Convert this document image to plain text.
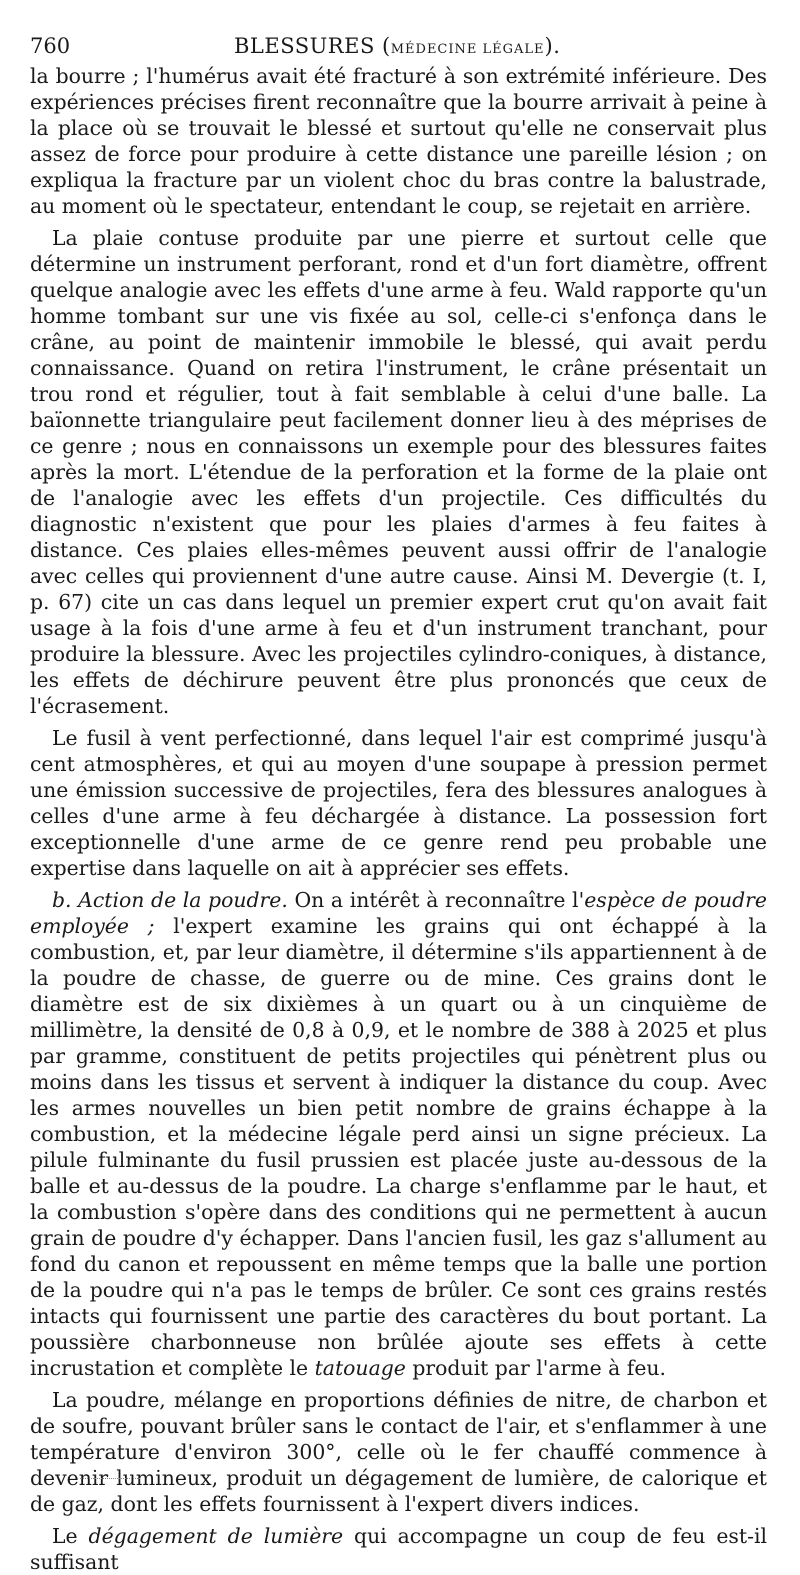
760	BLESSURES (MÉDECINE LÉGALE).

la bourre ; l'humérus avait été fracturé à son extrémité inférieure. Des expériences précises firent reconnaître que la bourre arrivait à peine à la place où se trouvait le blessé et surtout qu'elle ne conservait plus assez de force pour produire à cette distance une pareille lésion ; on expliqua la fracture par un violent choc du bras contre la balustrade, au moment où le spectateur, entendant le coup, se rejetait en arrière.

La plaie contuse produite par une pierre et surtout celle que détermine un instrument perforant, rond et d'un fort diamètre, offrent quelque analogie avec les effets d'une arme à feu. Wald rapporte qu'un homme tombant sur une vis fixée au sol, celle-ci s'enfonça dans le crâne, au point de maintenir immobile le blessé, qui avait perdu connaissance. Quand on retira l'instrument, le crâne présentait un trou rond et régulier, tout à fait semblable à celui d'une balle. La baïonnette triangulaire peut facilement donner lieu à des méprises de ce genre ; nous en connaissons un exemple pour des blessures faites après la mort. L'étendue de la perforation et la forme de la plaie ont de l'analogie avec les effets d'un projectile. Ces difficultés du diagnostic n'existent que pour les plaies d'armes à feu faites à distance. Ces plaies elles-mêmes peuvent aussi offrir de l'analogie avec celles qui proviennent d'une autre cause. Ainsi M. Devergie (t. I, p. 67) cite un cas dans lequel un premier expert crut qu'on avait fait usage à la fois d'une arme à feu et d'un instrument tranchant, pour produire la blessure. Avec les projectiles cylindro-coniques, à distance, les effets de déchirure peuvent être plus prononcés que ceux de l'écrasement.

Le fusil à vent perfectionné, dans lequel l'air est comprimé jusqu'à cent atmosphères, et qui au moyen d'une soupape à pression permet une émission successive de projectiles, fera des blessures analogues à celles d'une arme à feu déchargée à distance. La possession fort exceptionnelle d'une arme de ce genre rend peu probable une expertise dans laquelle on ait à apprécier ses effets.

b. Action de la poudre. On a intérêt à reconnaître l'espèce de poudre employée ; l'expert examine les grains qui ont échappé à la combustion, et, par leur diamètre, il détermine s'ils appartiennent à de la poudre de chasse, de guerre ou de mine. Ces grains dont le diamètre est de six dixièmes à un quart ou à un cinquième de millimètre, la densité de 0,8 à 0,9, et le nombre de 388 à 2025 et plus par gramme, constituent de petits projectiles qui pénètrent plus ou moins dans les tissus et servent à indiquer la distance du coup. Avec les armes nouvelles un bien petit nombre de grains échappe à la combustion, et la médecine légale perd ainsi un signe précieux. La pilule fulminante du fusil prussien est placée juste au-dessous de la balle et au-dessus de la poudre. La charge s'enflamme par le haut, et la combustion s'opère dans des conditions qui ne permettent à aucun grain de poudre d'y échapper. Dans l'ancien fusil, les gaz s'allument au fond du canon et repoussent en même temps que la balle une portion de la poudre qui n'a pas le temps de brûler. Ce sont ces grains restés intacts qui fournissent une partie des caractères du bout portant. La poussière charbonneuse non brûlée ajoute ses effets à cette incrustation et complète le tatouage produit par l'arme à feu.

La poudre, mélange en proportions définies de nitre, de charbon et de soufre, pouvant brûler sans le contact de l'air, et s'enflammer à une température d'environ 300°, celle où le fer chauffé commence à devenir lumineux, produit un dégagement de lumière, de calorique et de gaz, dont les effets fournissent à l'expert divers indices.

Le dégagement de lumière qui accompagne un coup de feu est-il suffisant
